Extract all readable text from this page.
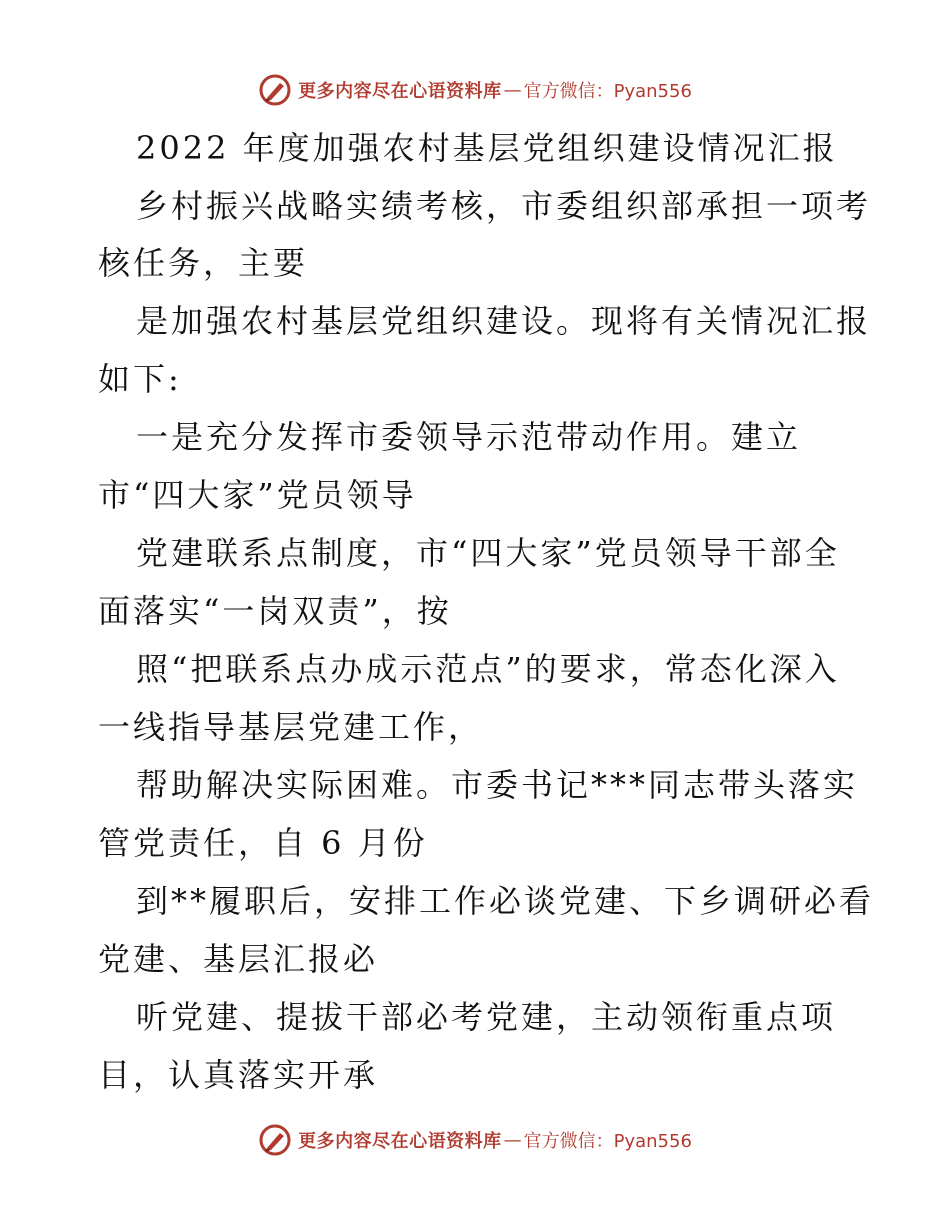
更多内容尽在心语资料库 — 官方微信：Pyan556
2022 年度加强农村基层党组织建设情况汇报
乡村振兴战略实绩考核，市委组织部承担一项考
核任务，主要
是加强农村基层党组织建设。现将有关情况汇报
如下:
一是充分发挥市委领导示范带动作用。建立
市“四大家”党员领导
党建联系点制度，市“四大家”党员领导干部全
面落实“一岗双责”，按
照“把联系点办成示范点”的要求，常态化深入
一线指导基层党建工作，
帮助解决实际困难。市委书记***同志带头落实
管党责任，自 6 月份
到**履职后，安排工作必谈党建、下乡调研必看
党建、基层汇报必
听党建、提拔干部必考党建，主动领衔重点项
目，认真落实开承
更多内容尽在心语资料库 — 官方微信：Pyan556
